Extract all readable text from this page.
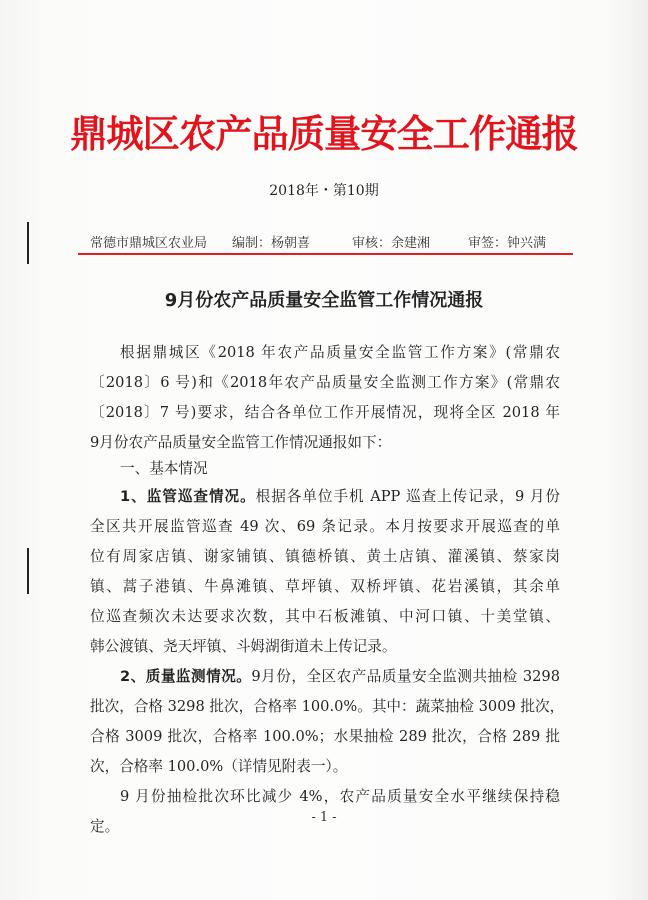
鼎城区农产品质量安全工作通报
2018年・第10期
常德市鼎城区农业局 编制：杨朝喜	审核：余建湘	审签：钟兴满
9月份农产品质量安全监管工作情况通报
根据鼎城区《2018 年农产品质量安全监管工作方案》(常鼎农
〔2018〕6 号)和《2018年农产品质量安全监测工作方案》(常鼎农
〔2018〕7 号)要求，结合各单位工作开展情况，现将全区 2018 年
9月份农产品质量安全监管工作情况通报如下：
一、基本情况
1、监管巡查情况。根据各单位手机 APP 巡查上传记录，9 月份
全区共开展监管巡查 49 次、69 条记录。本月按要求开展巡查的单
位有周家店镇、谢家铺镇、镇德桥镇、黄土店镇、灌溪镇、蔡家岗
镇、蒿子港镇、牛鼻滩镇、草坪镇、双桥坪镇、花岩溪镇，其余单
位巡查频次未达要求次数，其中石板滩镇、中河口镇、十美堂镇、
韩公渡镇、尧天坪镇、斗姆湖街道未上传记录。
2、质量监测情况。9月份，全区农产品质量安全监测共抽检 3298
批次，合格 3298 批次，合格率 100.0%。其中：蔬菜抽检 3009 批次，
合格 3009 批次，合格率 100.0%；水果抽检 289 批次，合格 289 批
次，合格率 100.0%（详情见附表一）。
9 月份抽检批次环比减少 4%，农产品质量安全水平继续保持稳
定。
- 1 -
